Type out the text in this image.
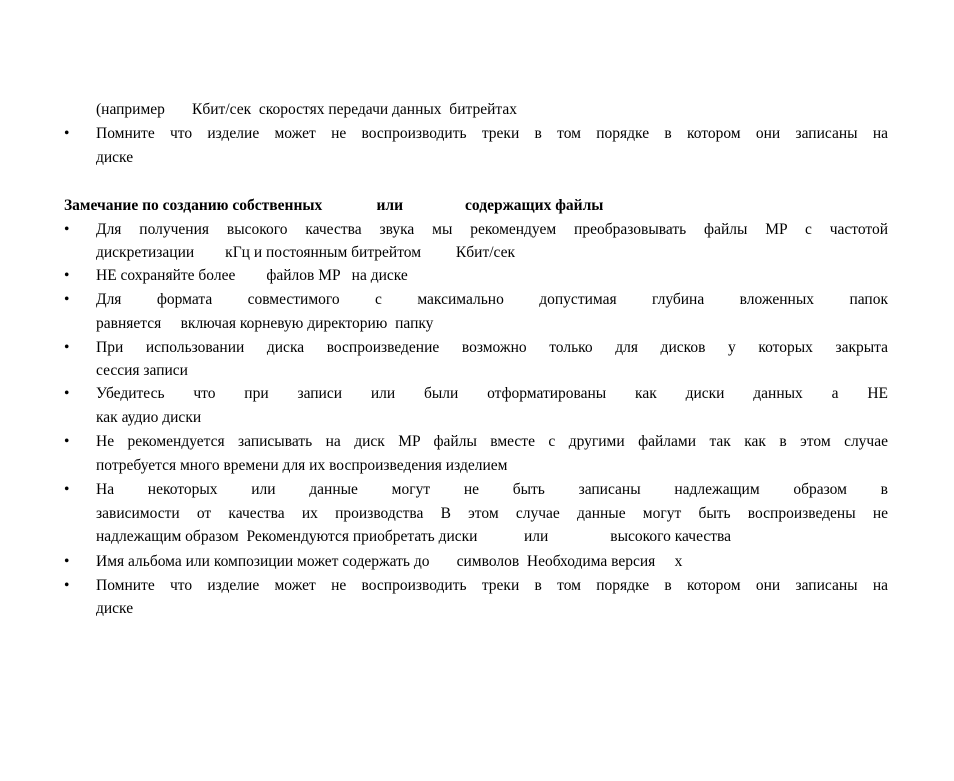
(например       Кбит/сек  скоростях передачи данных  битрейтах
• Помните что изделие может не воспроизводить треки в том порядке в котором они записаны на
диске
Замечание по созданию собственных              или                содержащих файлы
• Для получения высокого качества звука мы рекомендуем преобразовывать файлы MP с частотой
дискретизации        кГц и постоянным битрейтом         Кбит/сек
• НЕ сохраняйте более        файлов MP   на диске
• Для формата совместимого с максимально допустимая глубина вложенных папок
равняется     включая корневую директорию  папку
• При использовании диска воспроизведение возможно только для дисков у которых закрыта
сессия записи
• Убедитесь что при записи или были отформатированы как диски данных а НЕ
как аудио диски
• Не рекомендуется записывать на диск MP файлы вместе с другими файлами так как в этом случае
потребуется много времени для их воспроизведения изделием
• На некоторых или данные могут не быть записаны надлежащим образом в
зависимости от качества их производства В этом случае данные могут быть воспроизведены не
надлежащим образом  Рекомендуются приобретать диски            или                высокого качества
• Имя альбома или композиции может содержать до       символов  Необходима версия     x
• Помните что изделие может не воспроизводить треки в том порядке в котором они записаны на
диске
